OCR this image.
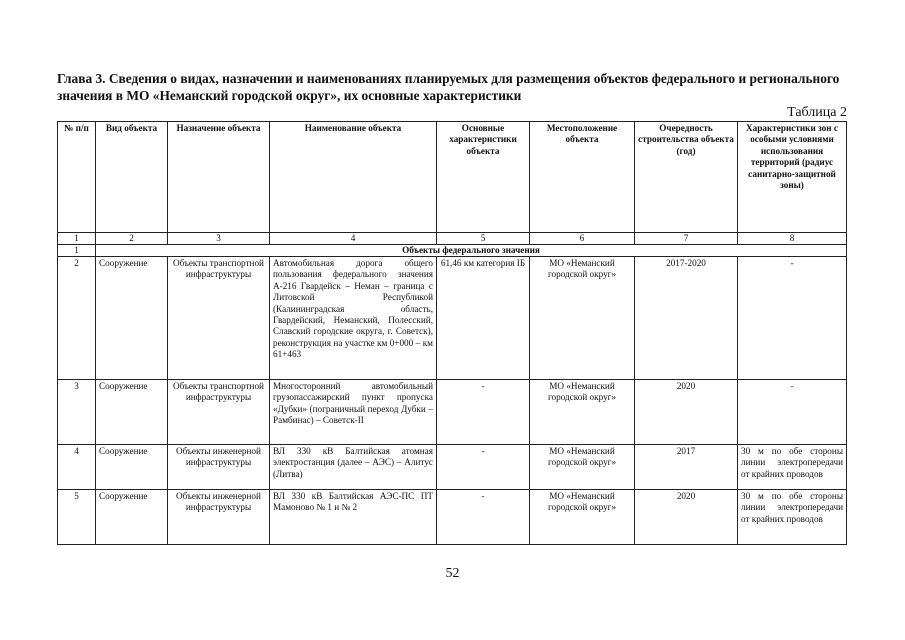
Глава 3. Сведения о видах, назначении и наименованиях планируемых для размещения объектов федерального и регионального значения в МО «Неманский городской округ», их основные характеристики
Таблица 2
№ п/п	Вид объекта	Назначение объекта	Наименование объекта	Основные характеристики объекта	Местоположение объекта	Очередность строительства объекта (год)	Характеристики зон с особыми условиями использования территорий (радиус санитарно-защитной зоны)
1	2	3	4	5	6	7	8
1	Объекты федерального значения						
2	Сооружение	Объекты транспортной инфраструктуры	Автомобильная дорога общего пользования федерального значения А-216 Гвардейск – Неман – граница с Литовской Республикой (Калининградская область, Гвардейский, Неманский, Полесский, Славский городские округа, г. Советск), реконструкция на участке км 0+000 – км 61+463	61,46 км категория IБ	МО «Неманский городской округ»	2017-2020	-
3	Сооружение	Объекты транспортной инфраструктуры	Многосторонний автомобильный грузопассажирский пункт пропуска «Дубки» (пограничный переход Дубки – Рамбинас) – Советск-II	-	МО «Неманский городской округ»	2020	-
4	Сооружение	Объекты инженерной инфраструктуры	ВЛ 330 кВ Балтийская атомная электростанция (далее – АЭС) – Алитус (Литва)	-	МО «Неманский городской округ»	2017	30 м по обе стороны линии электропередачи от крайних проводов
5	Сооружение	Объекты инженерной инфраструктуры	ВЛ 330 кВ Балтийская АЭС-ПС ПТ Мамоново № 1 и № 2	-	МО «Неманский городской округ»	2020	30 м по обе стороны линии электропередачи от крайних проводов
52
